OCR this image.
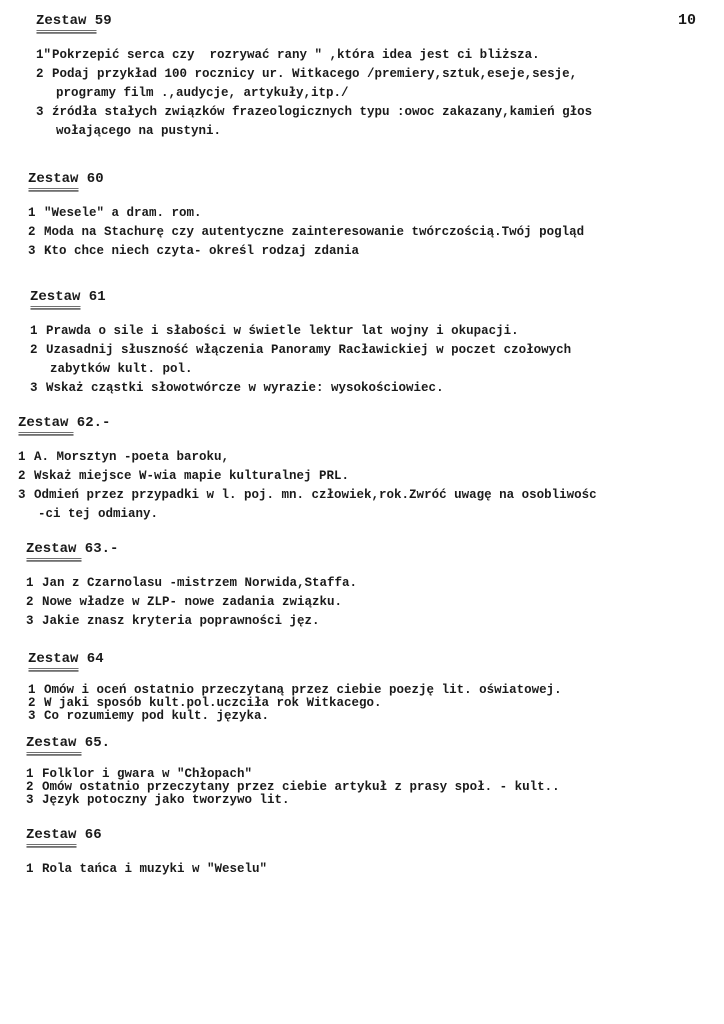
10
Zestaw 59
============
1" Pokrzepić serca czy  rozrywać rany " ,która idea jest ci bliższa.
2 Podaj przykład 100 rocznicy ur. Witkacego /premiery,sztuk,eseje,sesje,
programy film .,audycje, artykuły,itp./
3 źródła stałych związków frazeologicznych typu :owoc zakazany,kamień głos
wołającego na pustyni.
Zestaw 60
==========
1 "Wesele" a dram. rom.
2 Moda na Stachurę czy autentyczne zainteresowanie twórczością.Twój pogląd
3 Kto chce niech czyta- określ rodzaj zdania
Zestaw 61
==========
1 Prawda o sile i słabości w świetle lektur lat wojny i okupacji.
2 Uzasadnij słuszność włączenia Panoramy Racławickiej w poczet czołowych
zabytków kult. pol.
3 Wskaż cząstki słowotwórcze w wyrazie: wysokościowiec.
Zestaw 62.-
===========
1 A. Morsztyn -poeta baroku,
2 Wskaż miejsce W-wia mapie kulturalnej PRL.
3 Odmień przez przypadki w l. poj. mn. człowiek,rok.Zwróć uwagę na osobliwośc
-ci tej odmiany.
Zestaw 63.-
===========
1 Jan z Czarnolasu -mistrzem Norwida,Staffa.
2 Nowe władze w ZLP- nowe zadania związku.
3 Jakie znasz kryteria poprawności jęz.
Zestaw 64
==========
1 Omów i oceń ostatnio przeczytaną przez ciebie poezję lit. oświatowej.
2 W jaki sposób kult.pol.uczciła rok Witkacego.
3 Co rozumiemy pod kult. języka.
Zestaw 65.
===========
1 Folklor i gwara w "Chłopach"
2 Omów ostatnio przeczytany przez ciebie artykuł z prasy społ. - kult..
3 Język potoczny jako tworzywo lit.
Zestaw 66
==========
1 Rola tańca i muzyki w "Weselu"
